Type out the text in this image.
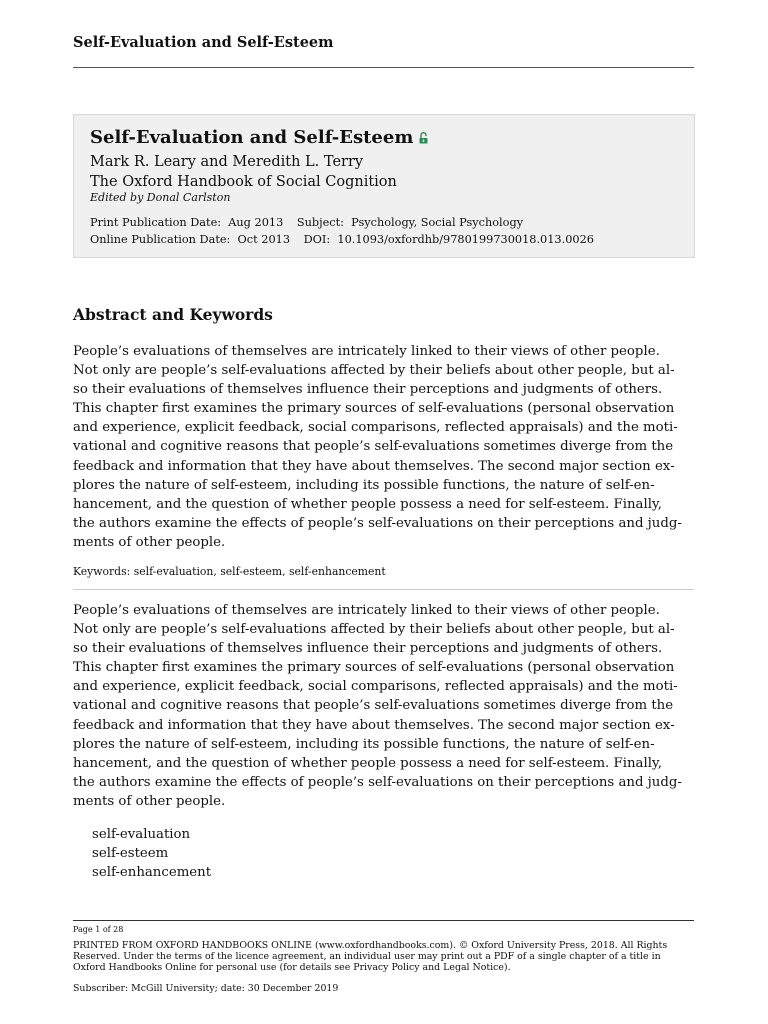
Self-Evaluation and Self-Esteem
Self-Evaluation and Self-Esteem
Mark R. Leary and Meredith L. Terry
The Oxford Handbook of Social Cognition
Edited by Donal Carlston
Print Publication Date: Aug 2013 Subject: Psychology, Social Psychology
Online Publication Date: Oct 2013 DOI: 10.1093/oxfordhb/9780199730018.013.0026
Abstract and Keywords
People’s evaluations of themselves are intricately linked to their views of other people.
Not only are people’s self-evaluations affected by their beliefs about other people, but al‐
so their evaluations of themselves influence their perceptions and judgments of others.
This chapter first examines the primary sources of self-evaluations (personal observation
and experience, explicit feedback, social comparisons, reflected appraisals) and the moti‐
vational and cognitive reasons that people’s self-evaluations sometimes diverge from the
feedback and information that they have about themselves. The second major section ex‐
plores the nature of self-esteem, including its possible functions, the nature of self-en‐
hancement, and the question of whether people possess a need for self-esteem. Finally,
the authors examine the effects of people’s self-evaluations on their perceptions and judg‐
ments of other people.
Keywords: self-evaluation, self-esteem, self-enhancement
People’s evaluations of themselves are intricately linked to their views of other people.
Not only are people’s self-evaluations affected by their beliefs about other people, but al‐
so their evaluations of themselves influence their perceptions and judgments of others.
This chapter first examines the primary sources of self-evaluations (personal observation
and experience, explicit feedback, social comparisons, reflected appraisals) and the moti‐
vational and cognitive reasons that people’s self-evaluations sometimes diverge from the
feedback and information that they have about themselves. The second major section ex‐
plores the nature of self-esteem, including its possible functions, the nature of self-en‐
hancement, and the question of whether people possess a need for self-esteem. Finally,
the authors examine the effects of people’s self-evaluations on their perceptions and judg‐
ments of other people.
self-evaluation
self-esteem
self-enhancement
Page 1 of 28
PRINTED FROM OXFORD HANDBOOKS ONLINE (www.oxfordhandbooks.com). © Oxford University Press, 2018. All Rights
Reserved. Under the terms of the licence agreement, an individual user may print out a PDF of a single chapter of a title in
Oxford Handbooks Online for personal use (for details see Privacy Policy and Legal Notice).
Subscriber: McGill University; date: 30 December 2019
